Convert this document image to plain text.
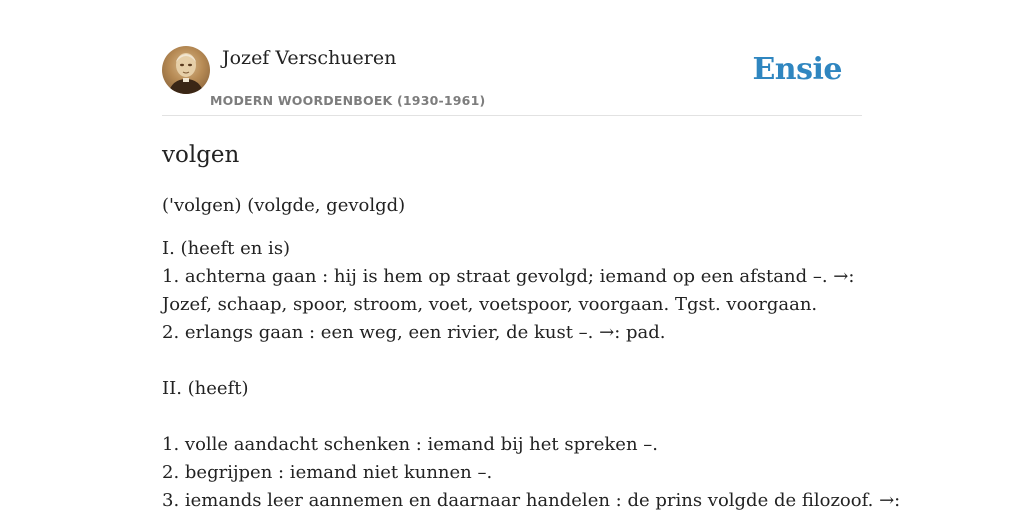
Jozef Verschueren
MODERN WOORDENBOEK (1930-1961)
Ensie
volgen
('volgen) (volgde, gevolgd)
I. (heeft en is)
1. achterna gaan : hij is hem op straat gevolgd; iemand op een afstand –. →:
Jozef, schaap, spoor, stroom, voet, voetspoor, voorgaan. Tgst. voorgaan.
2. erlangs gaan : een weg, een rivier, de kust –. →: pad.
II. (heeft)
1. volle aandacht schenken : iemand bij het spreken –.
2. begrijpen : iemand niet kunnen –.
3. iemands leer aannemen en daarnaar handelen : de prins volgde de filozoof. →:
